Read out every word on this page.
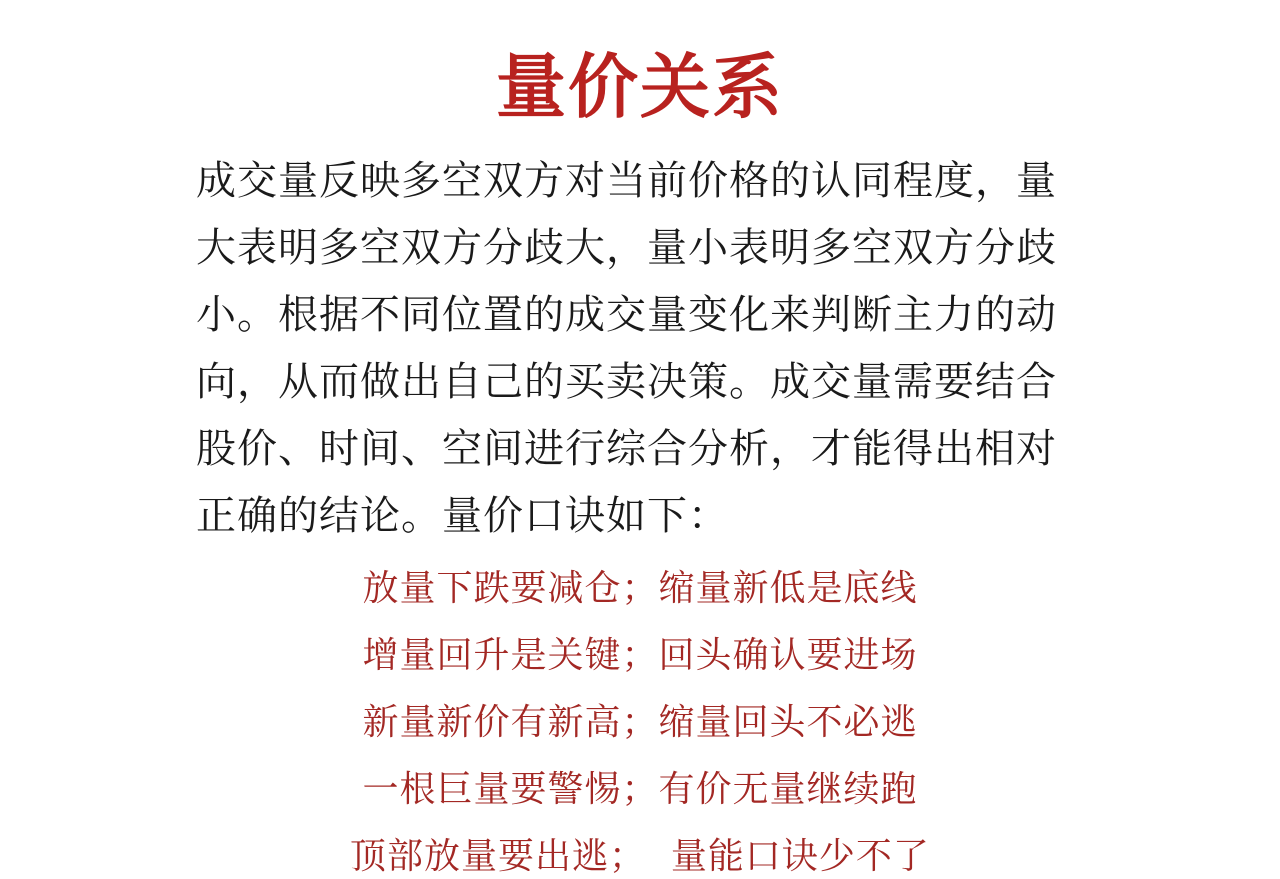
量价关系

成交量反映多空双方对当前价格的认同程度，量大表明多空双方分歧大，量小表明多空双方分歧小。根据不同位置的成交量变化来判断主力的动向，从而做出自己的买卖决策。成交量需要结合股价、时间、空间进行综合分析，才能得出相对正确的结论。量价口诀如下：

放量下跌要减仓；缩量新低是底线
增量回升是关键；回头确认要进场
新量新价有新高；缩量回头不必逃
一根巨量要警惕；有价无量继续跑
顶部放量要出逃；  量能口诀少不了
